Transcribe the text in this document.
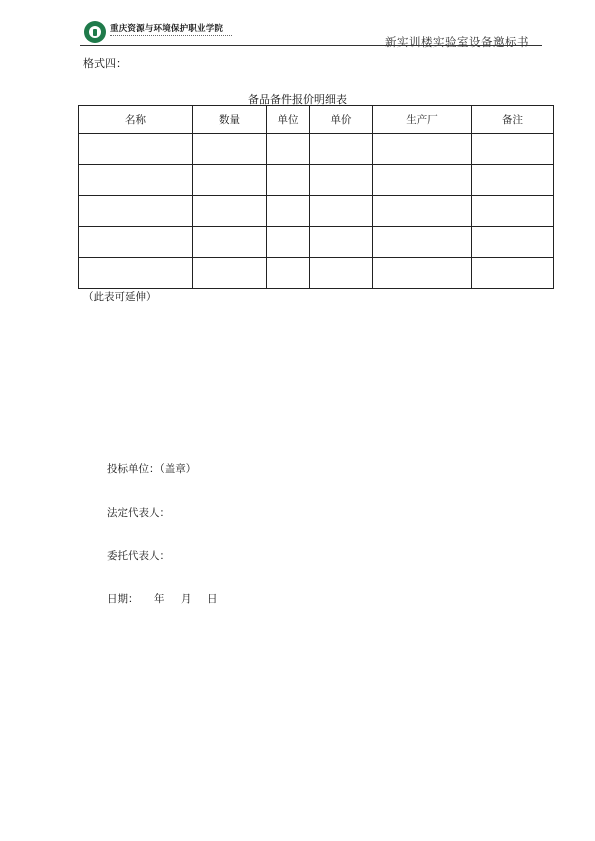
重庆资源与环境保护职业学院
新实训楼实验室设备邀标书
格式四：
备品备件报价明细表
名称	数量	单位	单价	生产厂	备注

（此表可延伸）
投标单位：（盖章）
法定代表人：
委托代表人：
日期： 年 月 日
